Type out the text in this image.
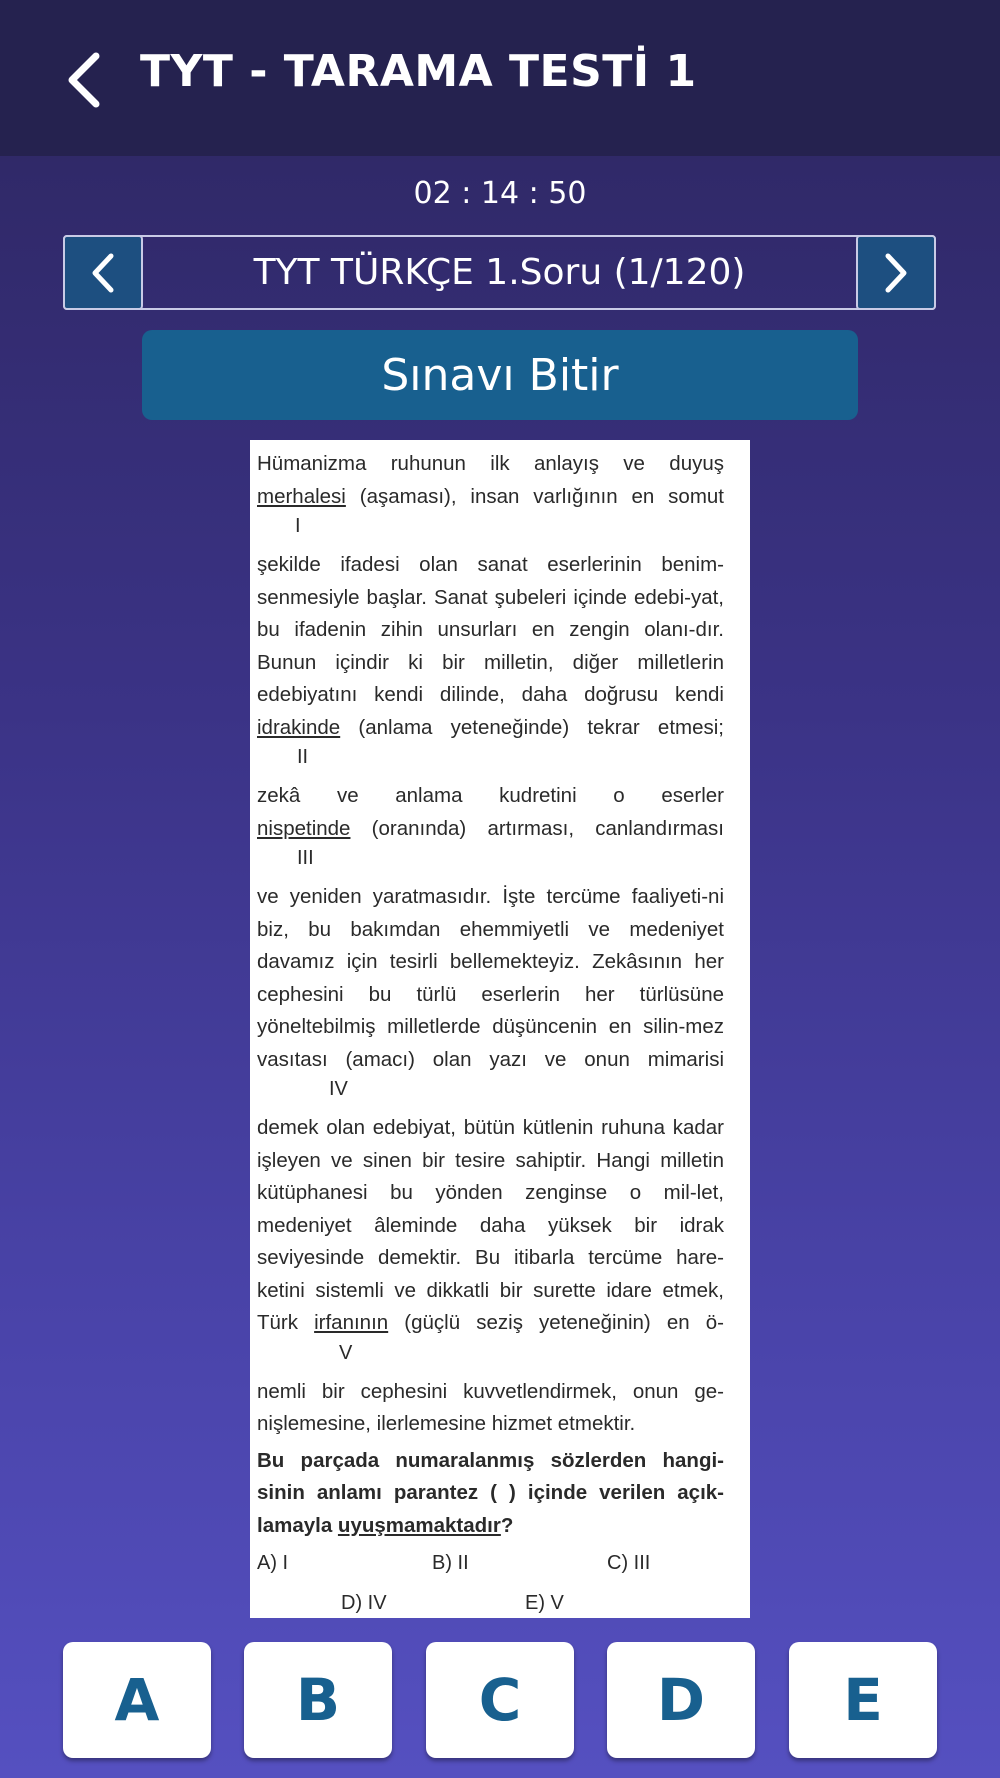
TYT - TARAMA TESTİ 1
02 : 14 : 50
TYT TÜRKÇE 1.Soru (1/120)
Sınavı Bitir

Hümanizma ruhunun ilk anlayış ve duyuş

merhalesi (aşaması), insan varlığının en somut

I

şekilde ifadesi olan sanat eserlerinin benim-senmesiyle başlar. Sanat şubeleri içinde edebi-yat, bu ifadenin zihin unsurları en zengin olanı-dır. Bunun içindir ki bir milletin, diğer milletlerin edebiyatını kendi dilinde, daha doğrusu kendi

idrakinde (anlama yeteneğinde) tekrar etmesi;

II

zekâ ve anlama kudretini o eserler

nispetinde (oranında) artırması, canlandırması

III

ve yeniden yaratmasıdır. İşte tercüme faaliyeti-ni biz, bu bakımdan ehemmiyetli ve medeniyet davamız için tesirli bellemekteyiz. Zekâsının her cephesini bu türlü eserlerin her türlüsüne yöneltebilmiş milletlerde düşüncenin en silin-mez vasıtası (amacı) olan yazı ve onun mimarisi

IV

demek olan edebiyat, bütün kütlenin ruhuna kadar işleyen ve sinen bir tesire sahiptir. Hangi milletin kütüphanesi bu yönden zenginse o mil-let, medeniyet âleminde daha yüksek bir idrak seviyesinde demektir. Bu itibarla tercüme hare-ketini sistemli ve dikkatli bir surette idare etmek, Türk irfanının (güçlü seziş yeteneğinin) en ö-

V

nemli bir cephesini kuvvetlendirmek, onun ge-nişlemesine, ilerlemesine hizmet etmektir.

Bu parçada numaralanmış sözlerden hangi-sinin anlamı parantez ( ) içinde verilen açık-lamayla uyuşmamaktadır?

A) I	B) II	C) III
D) IV	E) V
A	B	C	D	E
